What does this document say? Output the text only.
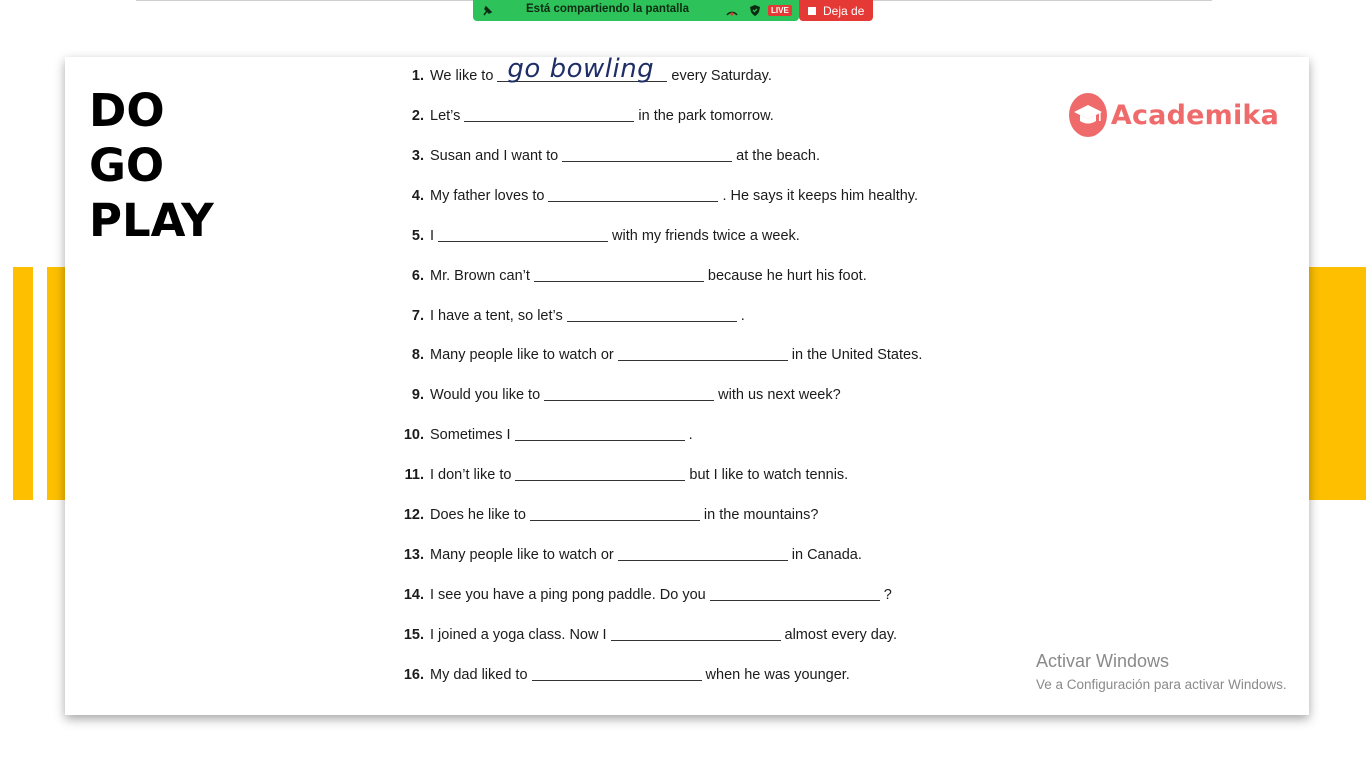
DO
GO
PLAY
Academika
1. We like to go bowling every Saturday.
2. Let’s	in the park tomorrow.
3. Susan and I want to	at the beach.
4. My father loves to	. He says it keeps him healthy.
5. I	with my friends twice a week.
6. Mr. Brown can’t	because he hurt his foot.
7. I have a tent, so let’s	.
8. Many people like to watch or	in the United States.
9. Would you like to	with us next week?
10. Sometimes I	.
11. I don’t like to	but I like to watch tennis.
12. Does he like to	in the mountains?
13. Many people like to watch or	in Canada.
14. I see you have a ping pong paddle. Do you	?
15. I joined a yoga class. Now I	almost every day.
16. My dad liked to	when he was younger.
Está compartiendo la pantalla	LIVE	Deja de
Activar Windows
Ve a Configuración para activar Windows.
